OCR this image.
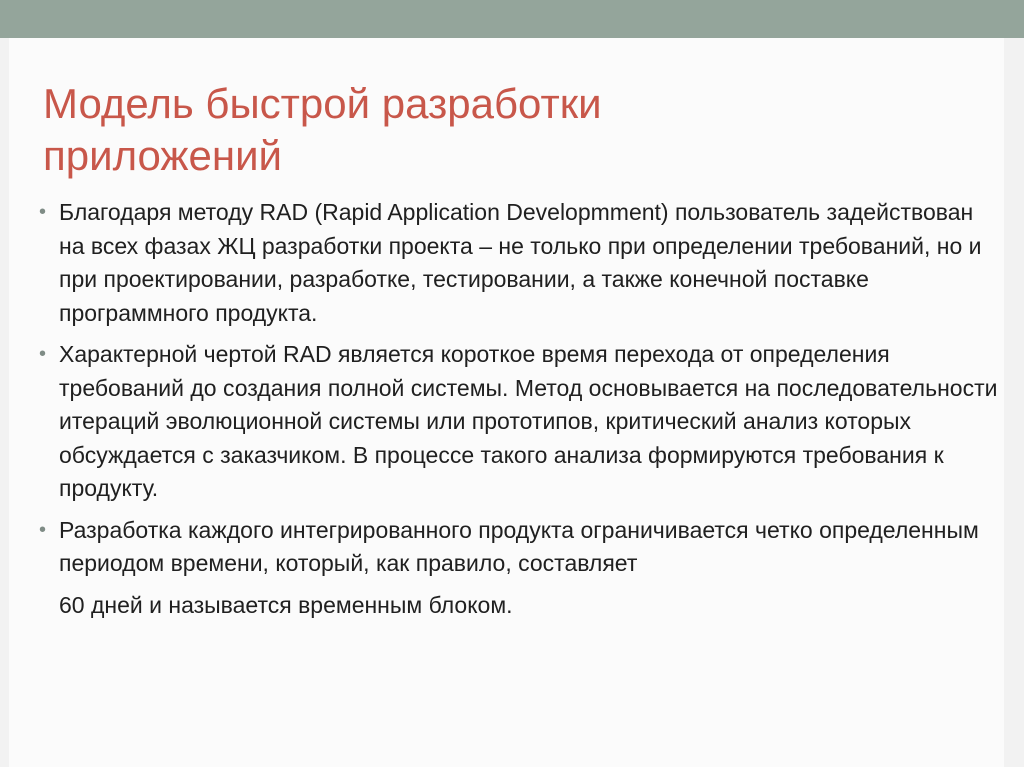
Модель быстрой разработки
приложений
• Благодаря методу RAD (Rapid Application Developmment) пользователь задействован на всех фазах ЖЦ разработки проекта – не только при определении требований, но и при проектировании, разработке, тестировании, а также конечной поставке программного продукта.
• Характерной чертой RAD является короткое время перехода от определения требований до создания полной системы. Метод основывается на последовательности итераций эволюционной системы или прототипов, критический анализ которых обсуждается с заказчиком. В процессе такого анализа формируются требования к продукту.
• Разработка каждого интегрированного продукта ограничивается четко определенным периодом времени, который, как правило, составляет
60 дней и называется временным блоком.
